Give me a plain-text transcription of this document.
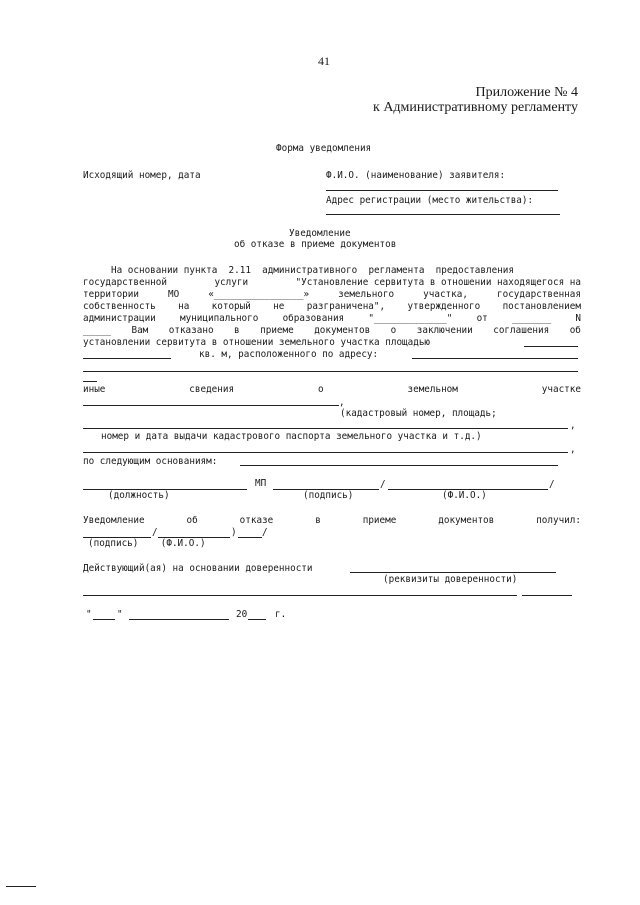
41
Приложение № 4
к Административному регламенту
Форма уведомления
Исходящий номер, дата	Ф.И.О. (наименование) заявителя:
Адрес регистрации (место жительства):
Уведомление
об отказе в приеме документов
На основании пункта  2.11  административного  регламента  предоставления
государственной	услуги	"Установление сервитута в отношении находящегося на
территории	МО	«________________»	земельного	участка,	государственная
собственность на который не разграничена", утвержденного постановлением
администрации	муниципального	образования	"_____________"	от	_______	N
_____ Вам отказано в приеме документов о заключении соглашения об
установлении сервитута в отношении земельного участка площадью
кв. м, расположенного по адресу:
иные	сведения	о	земельном	участке
,
(кадастровый номер, площадь;
,
номер и дата выдачи кадастрового паспорта земельного участка и т.д.)
,
по следующим основаниям:
МП	/	/
(должность)	(подпись)	(Ф.И.О.)
Уведомление	об	отказе	в	приеме	документов	получил:
/	)	/
(подпись)    (Ф.И.О.)
Действующий(ая) на основании доверенности
(реквизиты доверенности)
"	"	20	г.
